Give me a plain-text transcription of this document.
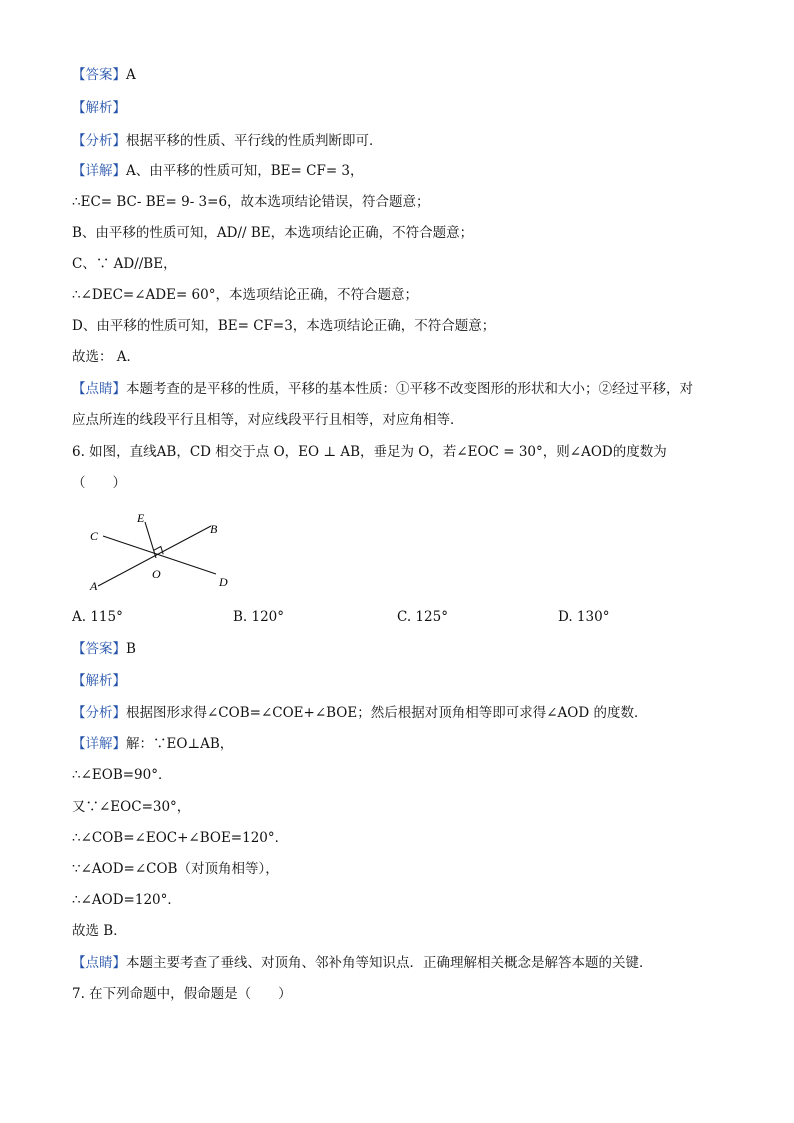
【答案】A
【解析】
【分析】根据平移的性质、平行线的性质判断即可．
【详解】A、由平移的性质可知，BE= CF= 3，
∴EC= BC- BE= 9- 3=6，故本选项结论错误，符合题意；
B、由平移的性质可知，AD// BE，本选项结论正确，不符合题意；
C、∵ AD//BE，
∴∠DEC=∠ADE= 60°，本选项结论正确，不符合题意；
D、由平移的性质可知，BE= CF=3，本选项结论正确，不符合题意；
故选： A．
【点睛】本题考查的是平移的性质，平移的基本性质：①平移不改变图形的形状和大小；②经过平移，对
应点所连的线段平行且相等，对应线段平行且相等，对应角相等．
6. 如图，直线AB，CD 相交于点 O，EO ⊥ AB，垂足为 O，若∠EOC = 30°，则∠AOD的度数为
（　　）
A
B
C
D
E
O
A. 115°	B. 120°	C. 125°	D. 130°
【答案】B
【解析】
【分析】根据图形求得∠COB=∠COE+∠BOE；然后根据对顶角相等即可求得∠AOD 的度数．
【详解】解：∵EO⊥AB，
∴∠EOB=90°．
又∵∠EOC=30°，
∴∠COB=∠EOC+∠BOE=120°．
∵∠AOD=∠COB（对顶角相等），
∴∠AOD=120°．
故选 B．
【点睛】本题主要考查了垂线、对顶角、邻补角等知识点．正确理解相关概念是解答本题的关键．
7. 在下列命题中，假命题是（　　）
